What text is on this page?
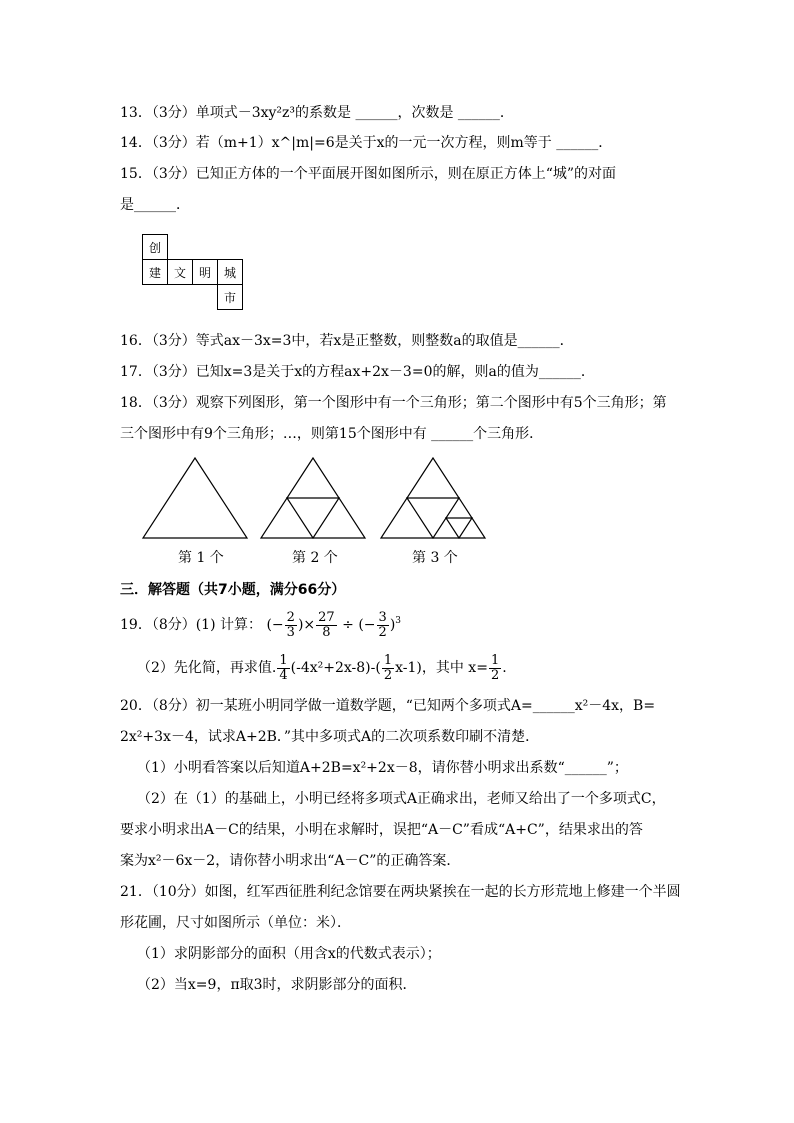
13．（3分）单项式－3xy²z³的系数是 ______，次数是 ______．
14．（3分）若（m+1）x^|m|=6是关于x的一元一次方程，则m等于 ______．
15．（3分）已知正方体的一个平面展开图如图所示，则在原正方体上“城”的对面
是______．
创
建	文	明	城
市
16．（3分）等式ax－3x=3中，若x是正整数，则整数a的取值是______．
17．（3分）已知x=3是关于x的方程ax+2x－3=0的解，则a的值为______．
18．（3分）观察下列图形，第一个图形中有一个三角形；第二个图形中有5个三角形；第
三个图形中有9个三角形；…，则第15个图形中有 ______个三角形．
第 1 个	第 2 个	第 3 个
三．解答题（共7小题，满分66分）
19．（8分）(1) 计算： (− $\frac{2}{3}$ )× $\frac{27}{8}$ ÷ (− $\frac{3}{2} )^3$
（2）先化简，再求值. $\frac{1}{4} (-4x^2+2x-8)-( \frac{1}{2} x-1)$，其中 $x= \frac{1}{2}$ .
20．（8分）初一某班小明同学做一道数学题，“已知两个多项式A=______x²－4x，B=
2x²+3x－4，试求A+2B．”其中多项式A的二次项系数印刷不清楚．
（1）小明看答案以后知道A+2B=x²+2x－8，请你替小明求出系数“______”；
（2）在（1）的基础上，小明已经将多项式A正确求出，老师又给出了一个多项式C，
要求小明求出A－C的结果，小明在求解时，误把“A－C”看成“A+C”，结果求出的答
案为x²－6x－2，请你替小明求出“A－C”的正确答案．
21．（10分）如图，红军西征胜利纪念馆要在两块紧挨在一起的长方形荒地上修建一个半圆
形花圃，尺寸如图所示（单位：米）．
（1）求阴影部分的面积（用含x的代数式表示）；
（2）当x=9，π取3时，求阴影部分的面积．
